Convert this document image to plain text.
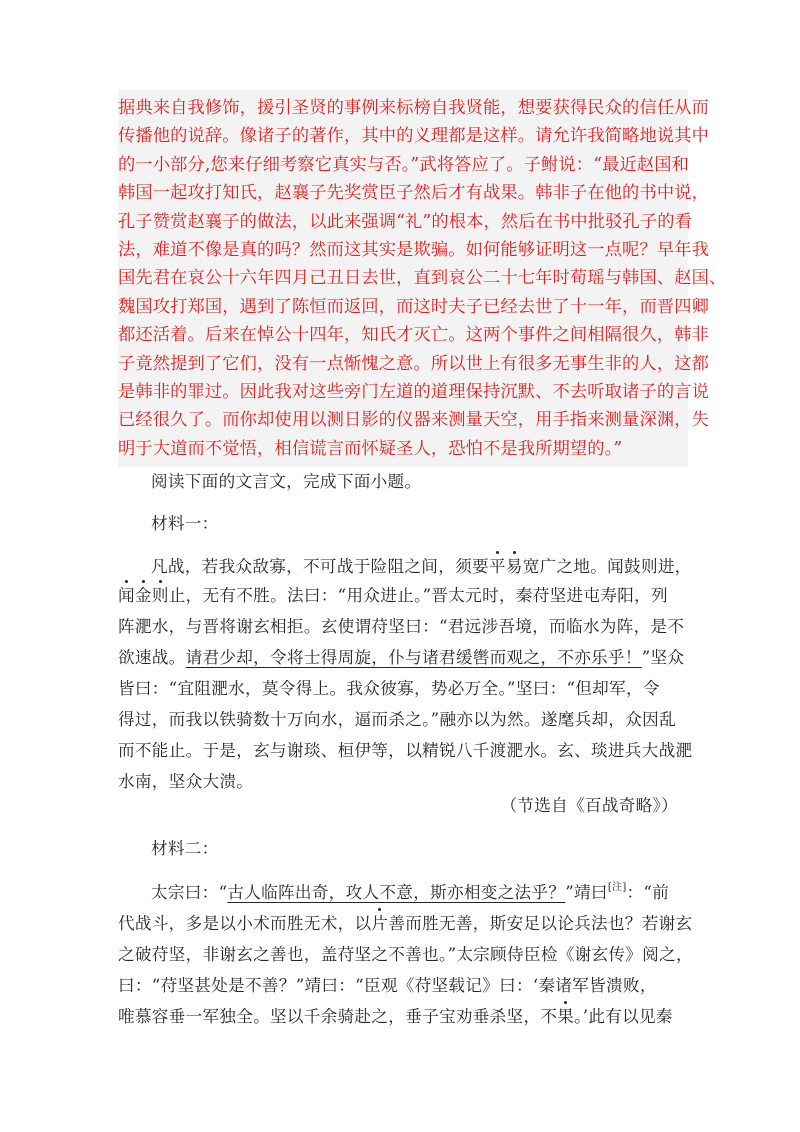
据典来自我修饰，援引圣贤的事例来标榜自我贤能，想要获得民众的信任从而
传播他的说辞。像诸子的著作，其中的义理都是这样。请允许我简略地说其中
的一小部分,您来仔细考察它真实与否。”武将答应了。子鲋说：“最近赵国和
韩国一起攻打知氏，赵襄子先奖赏臣子然后才有战果。韩非子在他的书中说，
孔子赞赏赵襄子的做法，以此来强调“礼”的根本，然后在书中批驳孔子的看
法，难道不像是真的吗？然而这其实是欺骗。如何能够证明这一点呢？早年我
国先君在哀公十六年四月己丑日去世，直到哀公二十七年时荀瑶与韩国、赵国、
魏国攻打郑国，遇到了陈恒而返回，而这时夫子已经去世了十一年，而晋四卿
都还活着。后来在悼公十四年，知氏才灭亡。这两个事件之间相隔很久，韩非
子竟然提到了它们，没有一点惭愧之意。所以世上有很多无事生非的人，这都
是韩非的罪过。因此我对这些旁门左道的道理保持沉默、不去听取诸子的言说
已经很久了。而你却使用以测日影的仪器来测量天空，用手指来测量深渊，失
明于大道而不觉悟，相信谎言而怀疑圣人，恐怕不是我所期望的。”
阅读下面的文言文，完成下面小题。
材料一：
凡战，若我众敌寡，不可战于险阻之间，须要平易宽广之地。闻鼓则进，
闻金则止，无有不胜。法曰：“用众进止。”晋太元时，秦苻坚进屯寿阳，列
阵淝水，与晋将谢玄相拒。玄使谓苻坚曰：“君远涉吾境，而临水为阵，是不
欲速战。请君少却，令将士得周旋，仆与诸君缓辔而观之，不亦乐乎！”坚众
皆曰：“宜阻淝水，莫令得上。我众彼寡，势必万全。”坚曰：“但却军，令
得过，而我以铁骑数十万向水，逼而杀之。”融亦以为然。遂麾兵却，众因乱
而不能止。于是，玄与谢琰、桓伊等，以精锐八千渡淝水。玄、琰进兵大战淝
水南，坚众大溃。
（节选自《百战奇略》）
材料二：
太宗曰：“古人临阵出奇，攻人不意，斯亦相变之法乎？”靖曰[注]：“前
代战斗，多是以小术而胜无术，以片善而胜无善，斯安足以论兵法也？若谢玄
之破苻坚，非谢玄之善也，盖苻坚之不善也。”太宗顾侍臣检《谢玄传》阅之，
曰：“苻坚甚处是不善？”靖曰：“臣观《苻坚载记》曰：‘秦诸军皆溃败，
唯慕容垂一军独全。坚以千余骑赴之，垂子宝劝垂杀坚，不果。’此有以见秦
